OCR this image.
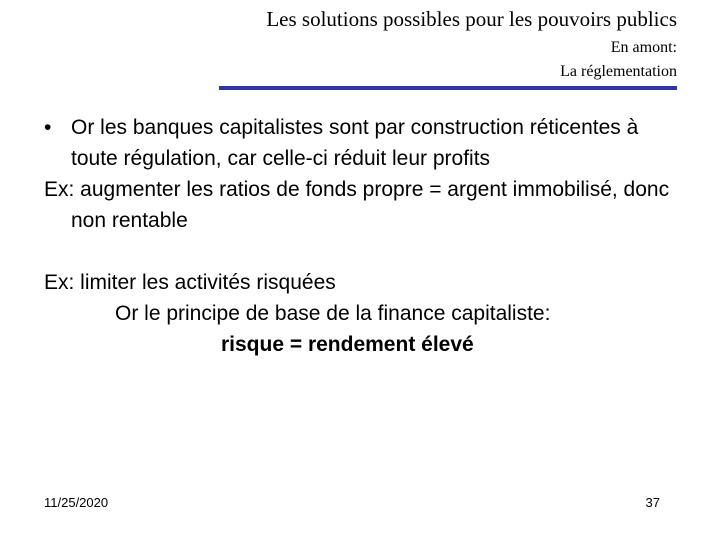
Les solutions possibles pour les pouvoirs publics
En amont:
La réglementation
• Or les banques capitalistes sont par construction réticentes à toute régulation, car celle-ci réduit leur profits
Ex: augmenter les ratios de fonds propre = argent immobilisé, donc non rentable
Ex: limiter les activités risquées
Or le principe de base de la finance capitaliste:
risque = rendement élevé
11/25/2020	37
